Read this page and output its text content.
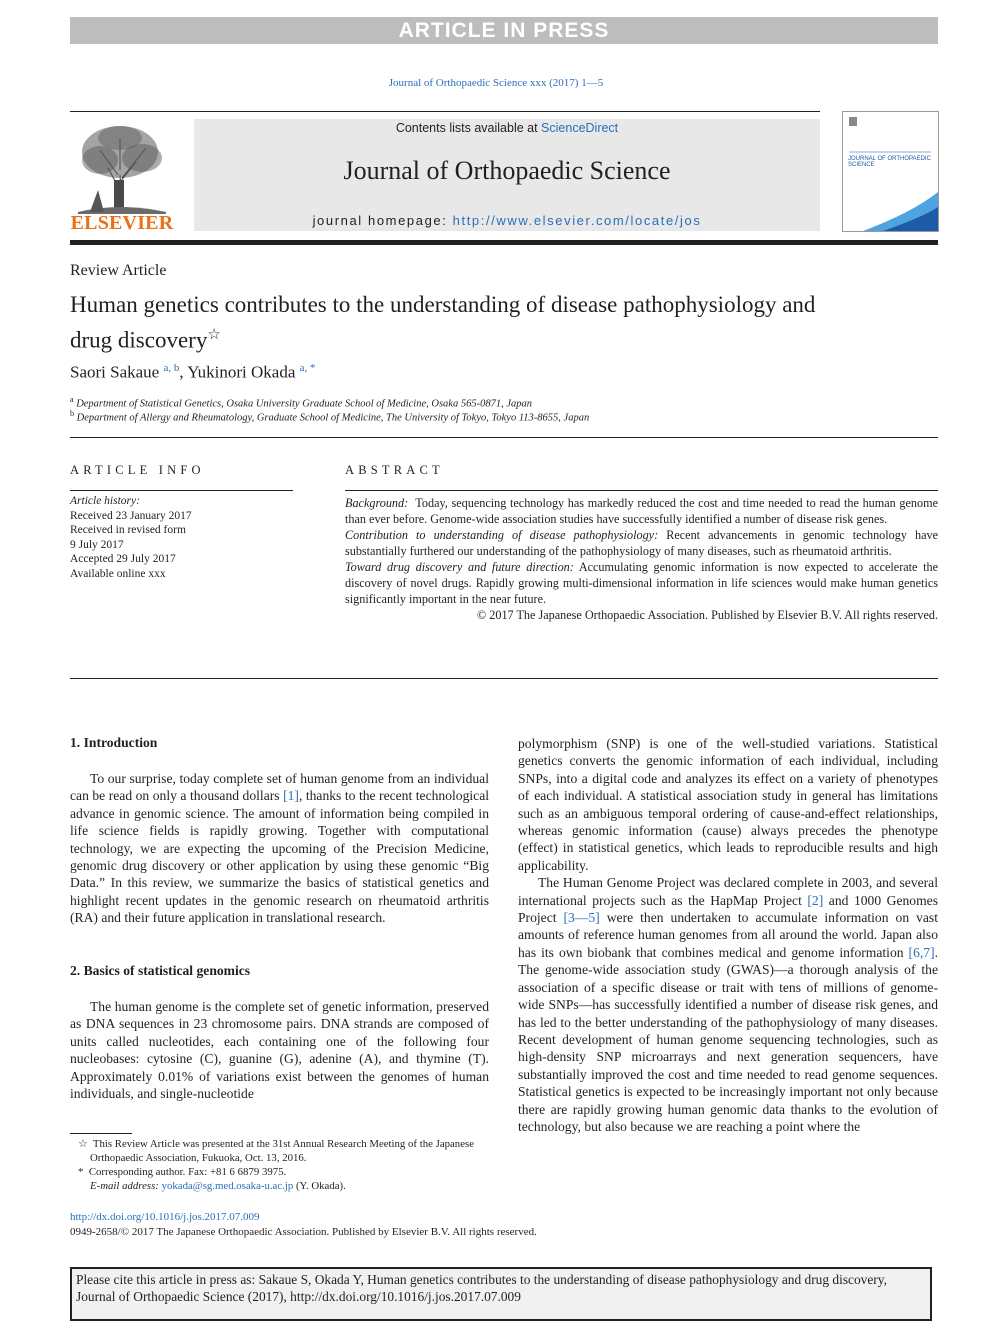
ARTICLE IN PRESS
Journal of Orthopaedic Science xxx (2017) 1—5
ELSEVIER
Contents lists available at ScienceDirect
Journal of Orthopaedic Science
journal homepage: http://www.elsevier.com/locate/jos
JOURNAL OF ORTHOPAEDIC SCIENCE
Review Article
Human genetics contributes to the understanding of disease pathophysiology and drug discovery☆
Saori Sakaue $^{a, b}$, Yukinori Okada $^{a, *}$
$^a$ Department of Statistical Genetics, Osaka University Graduate School of Medicine, Osaka 565-0871, Japan
$^b$ Department of Allergy and Rheumatology, Graduate School of Medicine, The University of Tokyo, Tokyo 113-8655, Japan
ARTICLE INFO	ABSTRACT
Article history:
Received 23 January 2017
Received in revised form
9 July 2017
Accepted 29 July 2017
Available online xxx

Background: Today, sequencing technology has markedly reduced the cost and time needed to read the human genome than ever before. Genome-wide association studies have successfully identified a number of disease risk genes.

Contribution to understanding of disease pathophysiology: Recent advancements in genomic technology have substantially furthered our understanding of the pathophysiology of many diseases, such as rheumatoid arthritis.

Toward drug discovery and future direction: Accumulating genomic information is now expected to accelerate the discovery of novel drugs. Rapidly growing multi-dimensional information in life sciences would make human genetics significantly important in the near future.

© 2017 The Japanese Orthopaedic Association. Published by Elsevier B.V. All rights reserved.

1. Introduction

To our surprise, today complete set of human genome from an individual can be read on only a thousand dollars [1], thanks to the recent technological advance in genomic science. The amount of information being compiled in life science fields is rapidly growing. Together with computational technology, we are expecting the upcoming of the Precision Medicine, genomic drug discovery or other application by using these genomic “Big Data.” In this review, we summarize the basics of statistical genetics and highlight recent updates in the genomic research on rheumatoid arthritis (RA) and their future application in translational research.

2. Basics of statistical genomics

The human genome is the complete set of genetic information, preserved as DNA sequences in 23 chromosome pairs. DNA strands are composed of units called nucleotides, each containing one of the following four nucleobases: cytosine (C), guanine (G), adenine (A), and thymine (T). Approximately 0.01% of variations exist between the genomes of human individuals, and single-nucleotide

polymorphism (SNP) is one of the well-studied variations. Statistical genetics converts the genomic information of each individual, including SNPs, into a digital code and analyzes its effect on a variety of phenotypes of each individual. A statistical association study in general has limitations such as an ambiguous temporal ordering of cause-and-effect relationships, whereas genomic information (cause) always precedes the phenotype (effect) in statistical genetics, which leads to reproducible results and high applicability.

The Human Genome Project was declared complete in 2003, and several international projects such as the HapMap Project [2] and 1000 Genomes Project [3—5] were then undertaken to accumulate information on vast amounts of reference human genomes from all around the world. Japan also has its own biobank that combines medical and genome information [6,7]. The genome-wide association study (GWAS)—a thorough analysis of the association of a specific disease or trait with tens of millions of genome-wide SNPs—has successfully identified a number of disease risk genes, and has led to the better understanding of the pathophysiology of many diseases. Recent development of human genome sequencing technologies, such as high-density SNP microarrays and next generation sequencers, have substantially improved the cost and time needed to read genome sequences. Statistical genetics is expected to be increasingly important not only because there are rapidly growing human genomic data thanks to the evolution of technology, but also because we are reaching a point where the

☆ This Review Article was presented at the 31st Annual Research Meeting of the Japanese Orthopaedic Association, Fukuoka, Oct. 13, 2016.

* Corresponding author. Fax: +81 6 6879 3975.

E-mail address: yokada@sg.med.osaka-u.ac.jp (Y. Okada).

http://dx.doi.org/10.1016/j.jos.2017.07.009
0949-2658/© 2017 The Japanese Orthopaedic Association. Published by Elsevier B.V. All rights reserved.
Please cite this article in press as: Sakaue S, Okada Y, Human genetics contributes to the understanding of disease pathophysiology and drug discovery, Journal of Orthopaedic Science (2017), http://dx.doi.org/10.1016/j.jos.2017.07.009
